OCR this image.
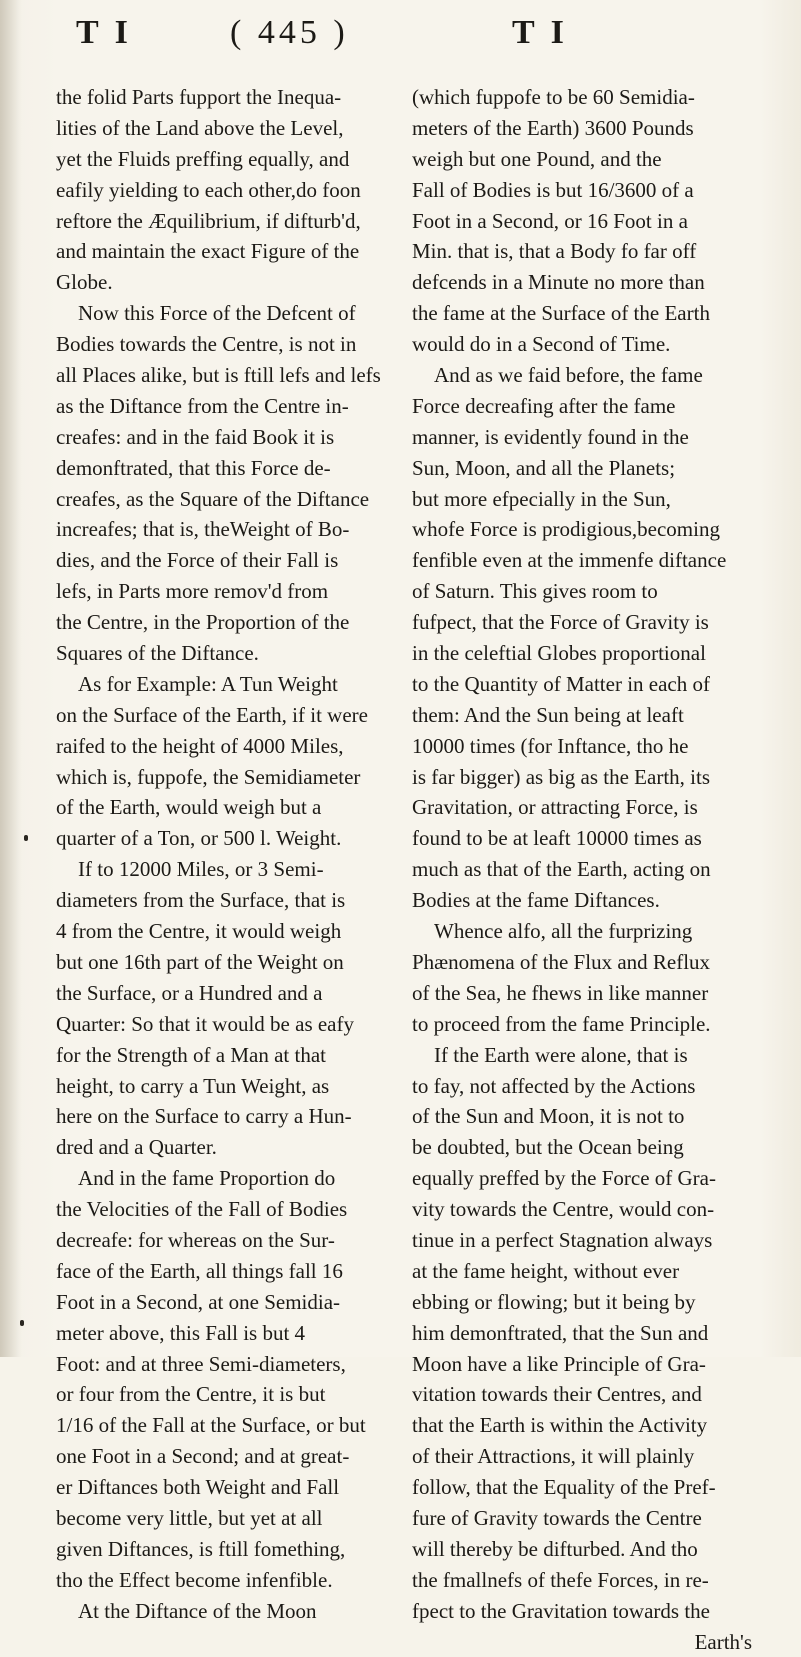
T I	( 445 )	T I
the folid Parts fupport the Inequa-
lities of the Land above the Level,
yet the Fluids preffing equally, and
eafily yielding to each other,do foon
reftore the Æquilibrium, if difturb'd,
and maintain the exact Figure of the
Globe.
Now this Force of the Defcent of
Bodies towards the Centre, is not in
all Places alike, but is ftill lefs and lefs
as the Diftance from the Centre in-
creafes: and in the faid Book it is
demonftrated, that this Force de-
creafes, as the Square of the Diftance
increafes; that is, theWeight of Bo-
dies, and the Force of their Fall is
lefs, in Parts more remov'd from
the Centre, in the Proportion of the
Squares of the Diftance.
As for Example: A Tun Weight
on the Surface of the Earth, if it were
raifed to the height of 4000 Miles,
which is, fuppofe, the Semidiameter
of the Earth, would weigh but a
quarter of a Ton, or 500 l. Weight.
If to 12000 Miles, or 3 Semi-
diameters from the Surface, that is
4 from the Centre, it would weigh
but one 16th part of the Weight on
the Surface, or a Hundred and a
Quarter: So that it would be as eafy
for the Strength of a Man at that
height, to carry a Tun Weight, as
here on the Surface to carry a Hun-
dred and a Quarter.
And in the fame Proportion do
the Velocities of the Fall of Bodies
decreafe: for whereas on the Sur-
face of the Earth, all things fall 16
Foot in a Second, at one Semidia-
meter above, this Fall is but 4
Foot: and at three Semi-diameters,
or four from the Centre, it is but
1/16 of the Fall at the Surface, or but
one Foot in a Second; and at great-
er Diftances both Weight and Fall
become very little, but yet at all
given Diftances, is ftill fomething,
tho the Effect become infenfible.
At the Diftance of the Moon
(which fuppofe to be 60 Semidia-
meters of the Earth) 3600 Pounds
weigh but one Pound, and the
Fall of Bodies is but 16/3600 of a
Foot in a Second, or 16 Foot in a
Min. that is, that a Body fo far off
defcends in a Minute no more than
the fame at the Surface of the Earth
would do in a Second of Time.
And as we faid before, the fame
Force decreafing after the fame
manner, is evidently found in the
Sun, Moon, and all the Planets;
but more efpecially in the Sun,
whofe Force is prodigious,becoming
fenfible even at the immenfe diftance
of Saturn. This gives room to
fufpect, that the Force of Gravity is
in the celeftial Globes proportional
to the Quantity of Matter in each of
them: And the Sun being at leaft
10000 times (for Inftance, tho he
is far bigger) as big as the Earth, its
Gravitation, or attracting Force, is
found to be at leaft 10000 times as
much as that of the Earth, acting on
Bodies at the fame Diftances.
Whence alfo, all the furprizing
Phænomena of the Flux and Reflux
of the Sea, he fhews in like manner
to proceed from the fame Principle.
If the Earth were alone, that is
to fay, not affected by the Actions
of the Sun and Moon, it is not to
be doubted, but the Ocean being
equally preffed by the Force of Gra-
vity towards the Centre, would con-
tinue in a perfect Stagnation always
at the fame height, without ever
ebbing or flowing; but it being by
him demonftrated, that the Sun and
Moon have a like Principle of Gra-
vitation towards their Centres, and
that the Earth is within the Activity
of their Attractions, it will plainly
follow, that the Equality of the Pref-
fure of Gravity towards the Centre
will thereby be difturbed. And tho
the fmallnefs of thefe Forces, in re-
fpect to the Gravitation towards the
Earth's
